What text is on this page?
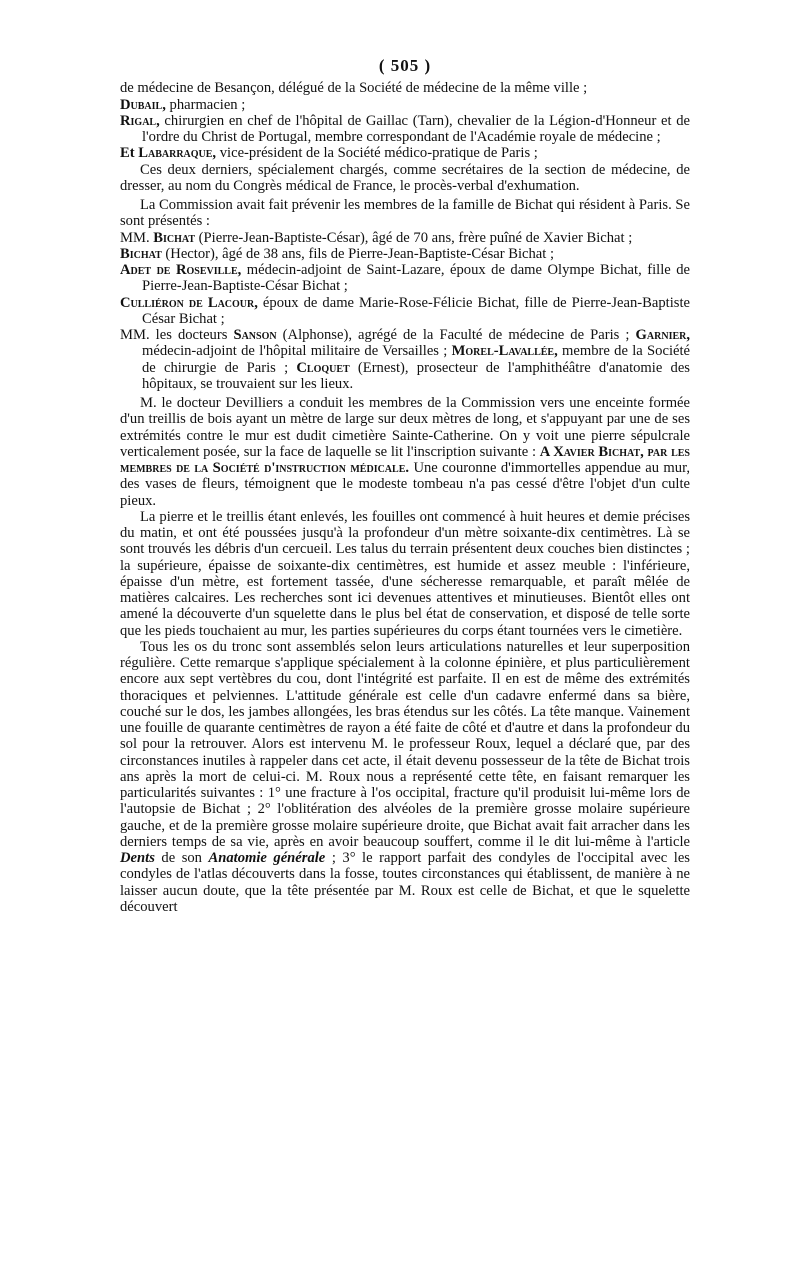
( 505 )

de médecine de Besançon, délégué de la Société de médecine de la même ville ;

Dubail, pharmacien ;

Rigal, chirurgien en chef de l'hôpital de Gaillac (Tarn), chevalier de la Légion-d'Honneur et de l'ordre du Christ de Portugal, membre correspondant de l'Académie royale de médecine ;

Et Labarraque, vice-président de la Société médico-pratique de Paris ;

Ces deux derniers, spécialement chargés, comme secrétaires de la section de médecine, de dresser, au nom du Congrès médical de France, le procès-verbal d'exhumation.

La Commission avait fait prévenir les membres de la famille de Bichat qui résident à Paris. Se sont présentés :

MM. Bichat (Pierre-Jean-Baptiste-César), âgé de 70 ans, frère puîné de Xavier Bichat ;

Bichat (Hector), âgé de 38 ans, fils de Pierre-Jean-Baptiste-César Bichat ;

Adet de Roseville, médecin-adjoint de Saint-Lazare, époux de dame Olympe Bichat, fille de Pierre-Jean-Baptiste-César Bichat ;

Culliéron de Lacour, époux de dame Marie-Rose-Félicie Bichat, fille de Pierre-Jean-Baptiste César Bichat ;

MM. les docteurs Sanson (Alphonse), agrégé de la Faculté de médecine de Paris ; Garnier, médecin-adjoint de l'hôpital militaire de Versailles ; Morel-Lavallée, membre de la Société de chirurgie de Paris ; Cloquet (Ernest), prosecteur de l'amphithéâtre d'anatomie des hôpitaux, se trouvaient sur les lieux.

M. le docteur Devilliers a conduit les membres de la Commission vers une enceinte formée d'un treillis de bois ayant un mètre de large sur deux mètres de long, et s'appuyant par une de ses extrémités contre le mur est dudit cimetière Sainte-Catherine. On y voit une pierre sépulcrale verticalement posée, sur la face de laquelle se lit l'inscription suivante : A Xavier Bichat, par les membres de la Société d'instruction médicale. Une couronne d'immortelles appendue au mur, des vases de fleurs, témoignent que le modeste tombeau n'a pas cessé d'être l'objet d'un culte pieux.

La pierre et le treillis étant enlevés, les fouilles ont commencé à huit heures et demie précises du matin, et ont été poussées jusqu'à la profondeur d'un mètre soixante-dix centimètres. Là se sont trouvés les débris d'un cercueil. Les talus du terrain présentent deux couches bien distinctes ; la supérieure, épaisse de soixante-dix centimètres, est humide et assez meuble : l'inférieure, épaisse d'un mètre, est fortement tassée, d'une sécheresse remarquable, et paraît mêlée de matières calcaires. Les recherches sont ici devenues attentives et minutieuses. Bientôt elles ont amené la découverte d'un squelette dans le plus bel état de conservation, et disposé de telle sorte que les pieds touchaient au mur, les parties supérieures du corps étant tournées vers le cimetière.

Tous les os du tronc sont assemblés selon leurs articulations naturelles et leur superposition régulière. Cette remarque s'applique spécialement à la colonne épinière, et plus particulièrement encore aux sept vertèbres du cou, dont l'intégrité est parfaite. Il en est de même des extrémités thoraciques et pelviennes. L'attitude générale est celle d'un cadavre enfermé dans sa bière, couché sur le dos, les jambes allongées, les bras étendus sur les côtés. La tête manque. Vainement une fouille de quarante centimètres de rayon a été faite de côté et d'autre et dans la profondeur du sol pour la retrouver. Alors est intervenu M. le professeur Roux, lequel a déclaré que, par des circonstances inutiles à rappeler dans cet acte, il était devenu possesseur de la tête de Bichat trois ans après la mort de celui-ci. M. Roux nous a représenté cette tête, en faisant remarquer les particularités suivantes : 1° une fracture à l'os occipital, fracture qu'il produisit lui-même lors de l'autopsie de Bichat ; 2° l'oblitération des alvéoles de la première grosse molaire supérieure gauche, et de la première grosse molaire supérieure droite, que Bichat avait fait arracher dans les derniers temps de sa vie, après en avoir beaucoup souffert, comme il le dit lui-même à l'article Dents de son Anatomie générale ; 3° le rapport parfait des condyles de l'occipital avec les condyles de l'atlas découverts dans la fosse, toutes circonstances qui établissent, de manière à ne laisser aucun doute, que la tête présentée par M. Roux est celle de Bichat, et que le squelette découvert
